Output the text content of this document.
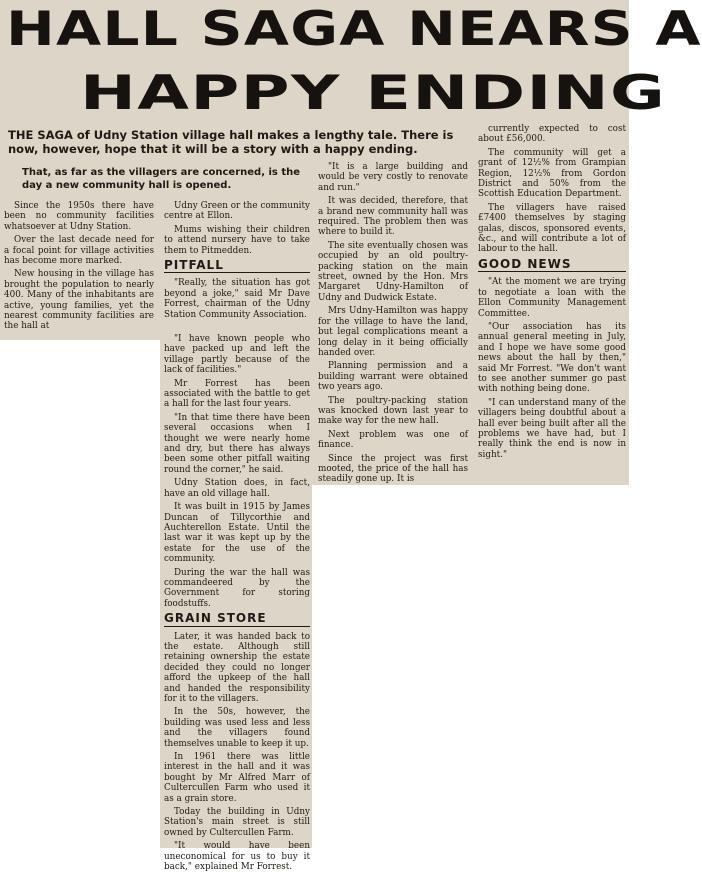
HALL SAGA NEARS A
HAPPY ENDING
THE SAGA of Udny Station village hall makes a lengthy tale. There is now, however, hope that it will be a story with a happy ending.
That, as far as the villagers are concerned, is the day a new community hall is opened.

Since the 1950s there have been no community facilities whatsoever at Udny Station.

Over the last decade need for a focal point for village activities has become more marked.

New housing in the village has brought the population to nearly 400. Many of the inhabitants are active, young families, yet the nearest community facilities are the hall at

Udny Green or the community centre at Ellon.

Mums wishing their children to attend nursery have to take them to Pitmedden.

PITFALL

"Really, the situation has got beyond a joke," said Mr Dave Forrest, chairman of the Udny Station Community Association.

"I have known people who have packed up and left the village partly because of the lack of facilities."

Mr Forrest has been associated with the battle to get a hall for the last four years.

"In that time there have been several occasions when I thought we were nearly home and dry, but there has always been some other pitfall waiting round the corner," he said.

Udny Station does, in fact, have an old village hall.

It was built in 1915 by James Duncan of Tillycorthie and Auchterellon Estate. Until the last war it was kept up by the estate for the use of the community.

During the war the hall was commandeered by the Government for storing foodstuffs.

GRAIN STORE

Later, it was handed back to the estate. Although still retaining ownership the estate decided they could no longer afford the upkeep of the hall and handed the responsibility for it to the villagers.

In the 50s, however, the building was used less and less and the villagers found themselves unable to keep it up.

In 1961 there was little interest in the hall and it was bought by Mr Alfred Marr of Cultercullen Farm who used it as a grain store.

Today the building in Udny Station's main street is still owned by Cultercullen Farm.

"It would have been uneconomical for us to buy it back," explained Mr Forrest.

"It is a large building and would be very costly to renovate and run."

It was decided, therefore, that a brand new community hall was required. The problem then was where to build it.

The site eventually chosen was occupied by an old poultry-packing station on the main street, owned by the Hon. Mrs Margaret Udny-Hamilton of Udny and Dudwick Estate.

Mrs Udny-Hamilton was happy for the village to have the land, but legal complications meant a long delay in it being officially handed over.

Planning permission and a building warrant were obtained two years ago.

The poultry-packing station was knocked down last year to make way for the new hall.

Next problem was one of finance.

Since the project was first mooted, the price of the hall has steadily gone up. It is

currently expected to cost about £56,000.

The community will get a grant of 12½% from Grampian Region, 12½% from Gordon District and 50% from the Scottish Education Department.

The villagers have raised £7400 themselves by staging galas, discos, sponsored events, &c., and will contribute a lot of labour to the hall.

GOOD NEWS

"At the moment we are trying to negotiate a loan with the Ellon Community Management Committee.

"Our association has its annual general meeting in July, and I hope we have some good news about the hall by then," said Mr Forrest. "We don't want to see another summer go past with nothing being done.

"I can understand many of the villagers being doubtful about a hall ever being built after all the problems we have had, but I really think the end is now in sight."
